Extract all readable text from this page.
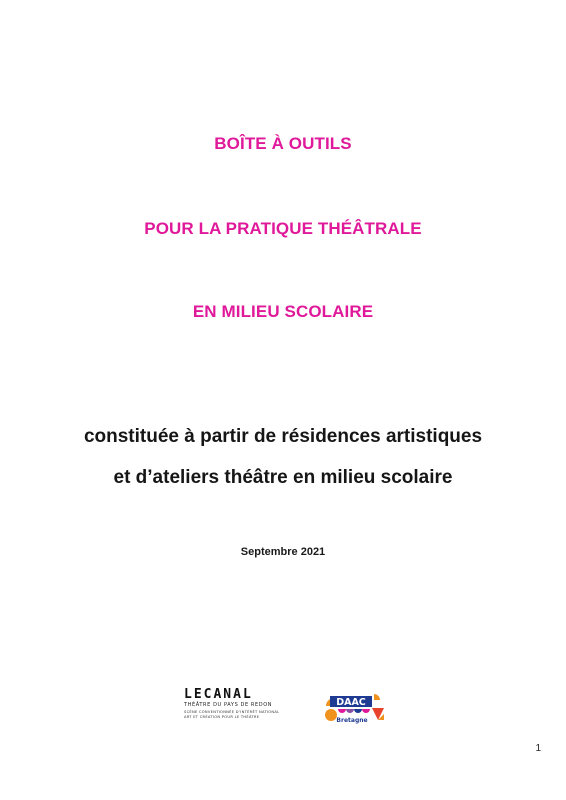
BOÎTE À OUTILS

POUR LA PRATIQUE THÉÂTRALE

EN MILIEU SCOLAIRE

constituée à partir de résidences artistiques

et d’ateliers théâtre en milieu scolaire

Septembre 2021

LECANAL
THÉÂTRE DU PAYS DE REDON
SCÈNE CONVENTIONNÉE D’INTÉRÊT NATIONAL
ART ET CRÉATION POUR LE THÉÂTRE
DAAC
Bretagne
1
